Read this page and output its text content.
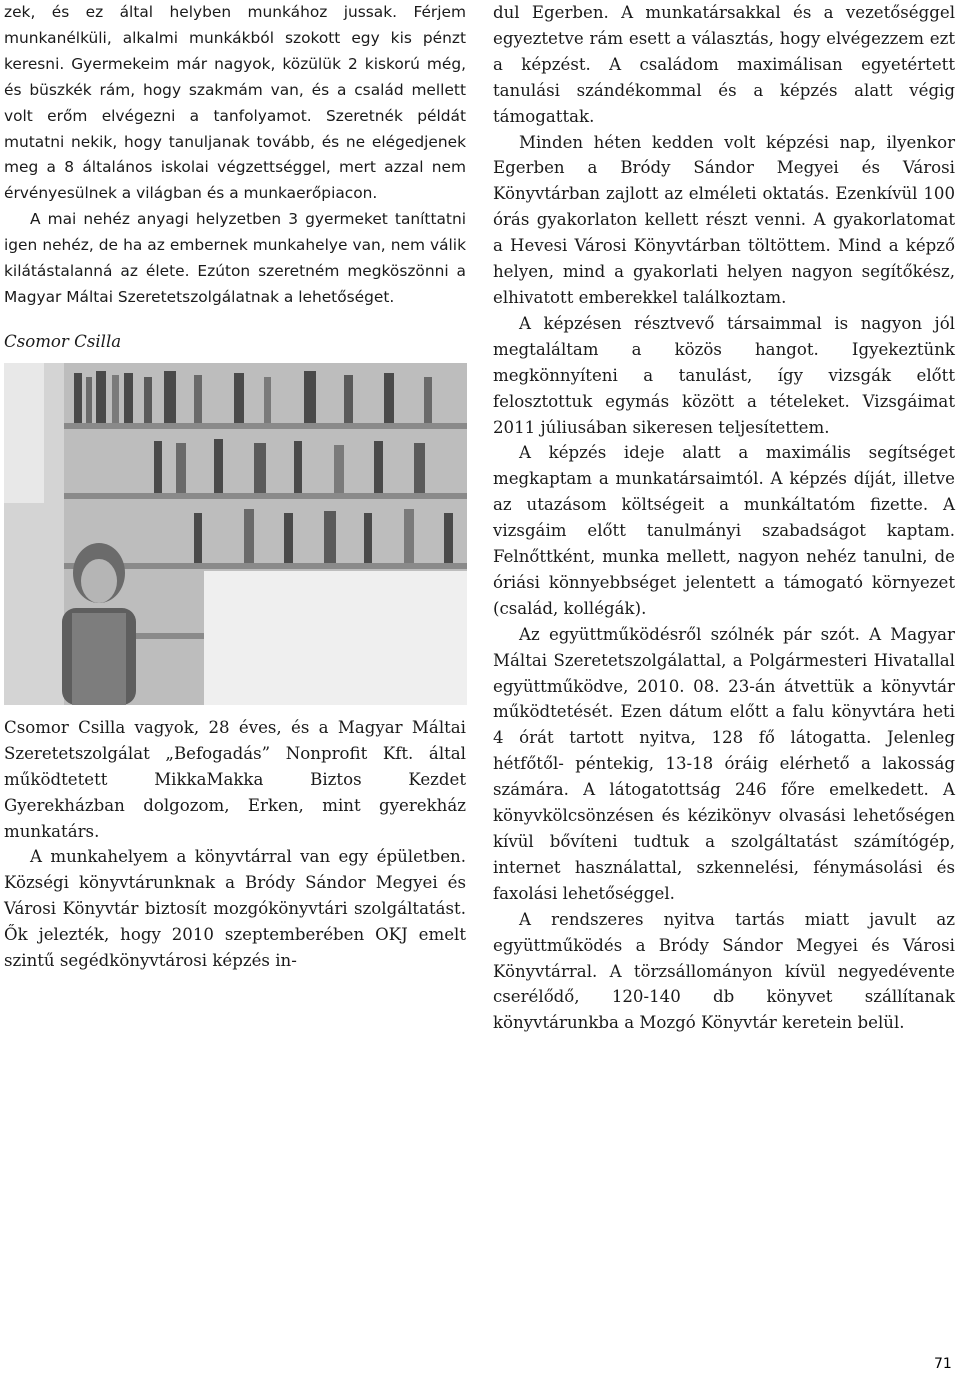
zek, és ez által helyben munkához jussak. Férjem munkanélküli, alkalmi munkákból szokott egy kis pénzt keresni. Gyermekeim már nagyok, közülük 2 kiskorú még, és büszkék rám, hogy szakmám van, és a család mellett volt erőm elvégezni a tanfolyamot. Szeretnék példát mutatni nekik, hogy tanuljanak tovább, és ne elégedjenek meg a 8 általános iskolai végzettséggel, mert azzal nem érvényesülnek a világban és a munkaerőpiacon.

A mai nehéz anyagi helyzetben 3 gyermeket taníttatni igen nehéz, de ha az embernek munkahelye van, nem válik kilátástalanná az élete. Ezúton szeretném megköszönni a Magyar Máltai Szeretetszolgálatnak a lehetőséget.

Csomor Csilla

Csomor Csilla vagyok, 28 éves, és a Magyar Máltai Szeretetszolgálat „Befogadás” Nonprofit Kft. által működtetett MikkaMakka Biztos Kezdet Gyerekházban dolgozom, Erken, mint gyerekház munkatárs.

A munkahelyem a könyvtárral van egy épületben. Községi könyvtárunknak a Bródy Sándor Megyei és Városi Könyvtár biztosít mozgókönyvtári szolgáltatást. Ők jelezték, hogy 2010 szeptemberében OKJ emelt szintű segédkönyvtárosi képzés in-

dul Egerben. A munkatársakkal és a vezetőséggel egyeztetve rám esett a választás, hogy elvégezzem ezt a képzést. A családom maximálisan egyetértett tanulási szándékommal és a képzés alatt végig támogattak.

Minden héten kedden volt képzési nap, ilyenkor Egerben a Bródy Sándor Megyei és Városi Könyvtárban zajlott az elméleti oktatás. Ezenkívül 100 órás gyakorlaton kellett részt venni. A gyakorlatomat a Hevesi Városi Könyvtárban töltöttem. Mind a képző helyen, mind a gyakorlati helyen nagyon segítőkész, elhivatott emberekkel találkoztam.

A képzésen résztvevő társaimmal is nagyon jól megtaláltam a közös hangot. Igyekeztünk megkönnyíteni a tanulást, így vizsgák előtt felosztottuk egymás között a tételeket. Vizsgáimat 2011 júliusában sikeresen teljesítettem.

A képzés ideje alatt a maximális segítséget megkaptam a munkatársaimtól. A képzés díját, illetve az utazásom költségeit a munkáltatóm fizette. A vizsgáim előtt tanulmányi szabadságot kaptam. Felnőttként, munka mellett, nagyon nehéz tanulni, de óriási könnyebbséget jelentett a támogató környezet (család, kollégák).

Az együttműködésről szólnék pár szót. A Magyar Máltai Szeretetszolgálattal, a Polgármesteri Hivatallal együttműködve, 2010. 08. 23-án átvettük a könyvtár működtetését. Ezen dátum előtt a falu könyvtára heti 4 órát tartott nyitva, 128 fő látogatta. Jelenleg hétfőtől- péntekig, 13-18 óráig elérhető a lakosság számára. A látogatottság 246 főre emelkedett. A könyvkölcsönzésen és kézikönyv olvasási lehetőségen kívül bővíteni tudtuk a szolgáltatást számítógép, internet használattal, szkennelési, fénymásolási és faxolási lehetőséggel.

A rendszeres nyitva tartás miatt javult az együttműködés a Bródy Sándor Megyei és Városi Könyvtárral. A törzsállományon kívül negyedévente cserélődő, 120-140 db könyvet szállítanak könyvtárunkba a Mozgó Könyvtár keretein belül.

71
